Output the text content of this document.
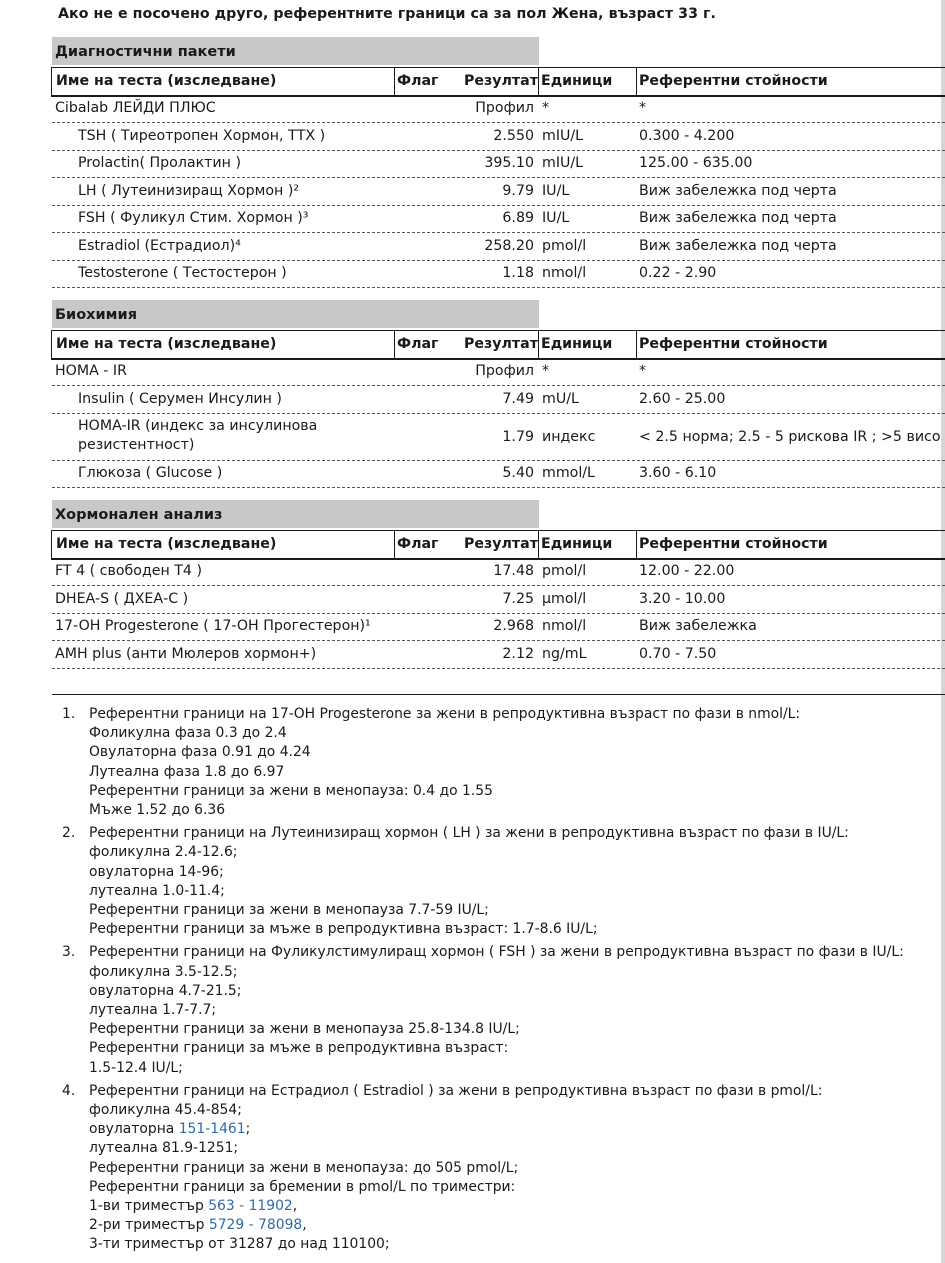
Ако не е посочено друго, референтните граници са за пол Жена, възраст 33 г.
Диагностични пакети
Име на теста (изследване)	Флаг Резултат Единици Референтни стойности
Cibalab ЛЕЙДИ ПЛЮС	Профил *	*
TSH ( Тиреотропен Хормон, ТТХ )	2.550 mIU/L	0.300 - 4.200
Prolactin( Пролактин )	395.10 mIU/L	125.00 - 635.00
LH ( Лутеинизиращ Хормон )²	9.79 IU/L	Виж забележка под черта
FSH ( Фуликул Стим. Хормон )³	6.89 IU/L	Виж забележка под черта
Estradiol (Естрадиол)⁴	258.20 pmol/l	Виж забележка под черта
Testosterone ( Тестостерон )	1.18 nmol/l	0.22 - 2.90
Биохимия
Име на теста (изследване)	Флаг Резултат Единици Референтни стойности
HOMA - IR	Профил *	*
Insulin ( Серумен Инсулин )	7.49 mU/L	2.60 - 25.00
HOMA-IR (индекс за инсулинова резистентност)	1.79 индекс	< 2.5 норма; 2.5 - 5 рискова IR ; >5 висо
Глюкоза ( Glucose )	5.40 mmol/L	3.60 - 6.10
Хормонален анализ
Име на теста (изследване)	Флаг Резултат Единици Референтни стойности
FT 4 ( свободен T4 )	17.48 pmol/l	12.00 - 22.00
DHEA-S ( ДХЕА-С )	7.25 µmol/l	3.20 - 10.00
17-OH Progesterone ( 17-OH Прогестерон)¹	2.968 nmol/l	Виж забележка
AMH plus (анти Мюлеров хормон+)	2.12 ng/mL	0.70 - 7.50
1. Референтни граници на 17-OH Progesterone за жени в репродуктивна възраст по фази в nmol/L:
Фоликулна фаза 0.3 до 2.4
Овулаторна фаза 0.91 до 4.24
Лутеална фаза 1.8 до 6.97
Референтни граници за жени в менопауза: 0.4 до 1.55
Мъже 1.52 до 6.36
2. Референтни граници на Лутеинизиращ хормон ( LH ) за жени в репродуктивна възраст по фази в IU/L:
фоликулна 2.4-12.6;
овулаторна 14-96;
лутеална 1.0-11.4;
Референтни граници за жени в менопауза 7.7-59 IU/L;
Референтни граници за мъже в репродуктивна възраст: 1.7-8.6 IU/L;
3. Референтни граници на Фуликулстимулиращ хормон ( FSH ) за жени в репродуктивна възраст по фази в IU/L:
фоликулна 3.5-12.5;
овулаторна 4.7-21.5;
лутеална 1.7-7.7;
Референтни граници за жени в менопауза 25.8-134.8 IU/L;
Референтни граници за мъже в репродуктивна възраст:
1.5-12.4 IU/L;
4. Референтни граници на Естрадиол ( Estradiol ) за жени в репродуктивна възраст по фази в pmol/L:
фоликулна 45.4-854;
овулаторна 151-1461;
лутеална 81.9-1251;
Референтни граници за жени в менопауза: до 505 pmol/L;
Референтни граници за бремении в pmol/L по триместри:
1-ви триместър 563 - 11902,
2-ри триместър 5729 - 78098,
3-ти триместър от 31287 до над 110100;
